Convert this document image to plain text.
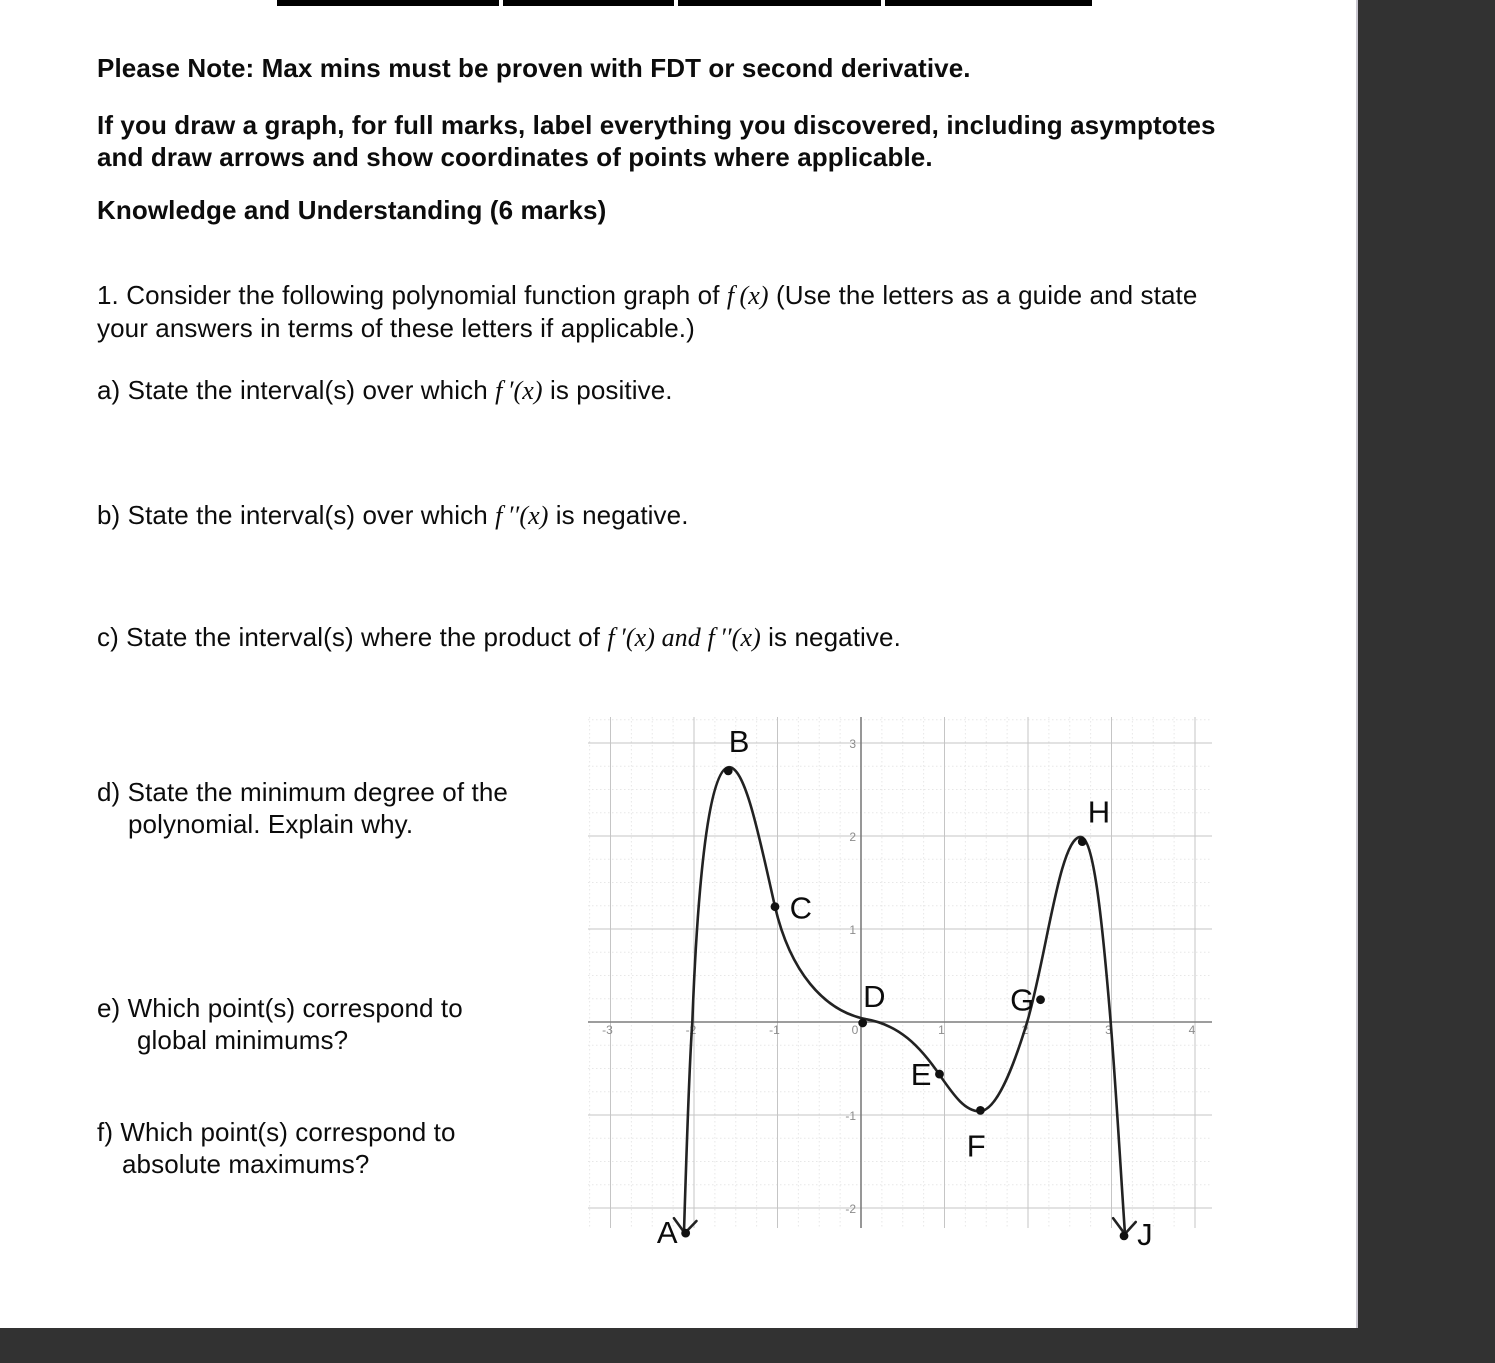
Please Note: Max mins must be proven with FDT or second derivative.
If you draw a graph, for full marks, label everything you discovered, including asymptotes
and draw arrows and show coordinates of points where applicable.
Knowledge and Understanding (6 marks)
1. Consider the following polynomial function graph of f (x) (Use the letters as a guide and state
your answers in terms of these letters if applicable.)
a) State the interval(s) over which f ′(x) is positive.
b) State the interval(s) over which f ′′(x) is negative.
c) State the interval(s) where the product of f ′(x) and f ′′(x) is negative.
d) State the minimum degree of the
polynomial. Explain why.
e) Which point(s) correspond to
global minimums?
f) Which point(s) correspond to
absolute maximums?
-3	-2	-1	0	1	2	3	4
3
2
1
-1
-2
A
B
C
D
E
F
G
H
J
